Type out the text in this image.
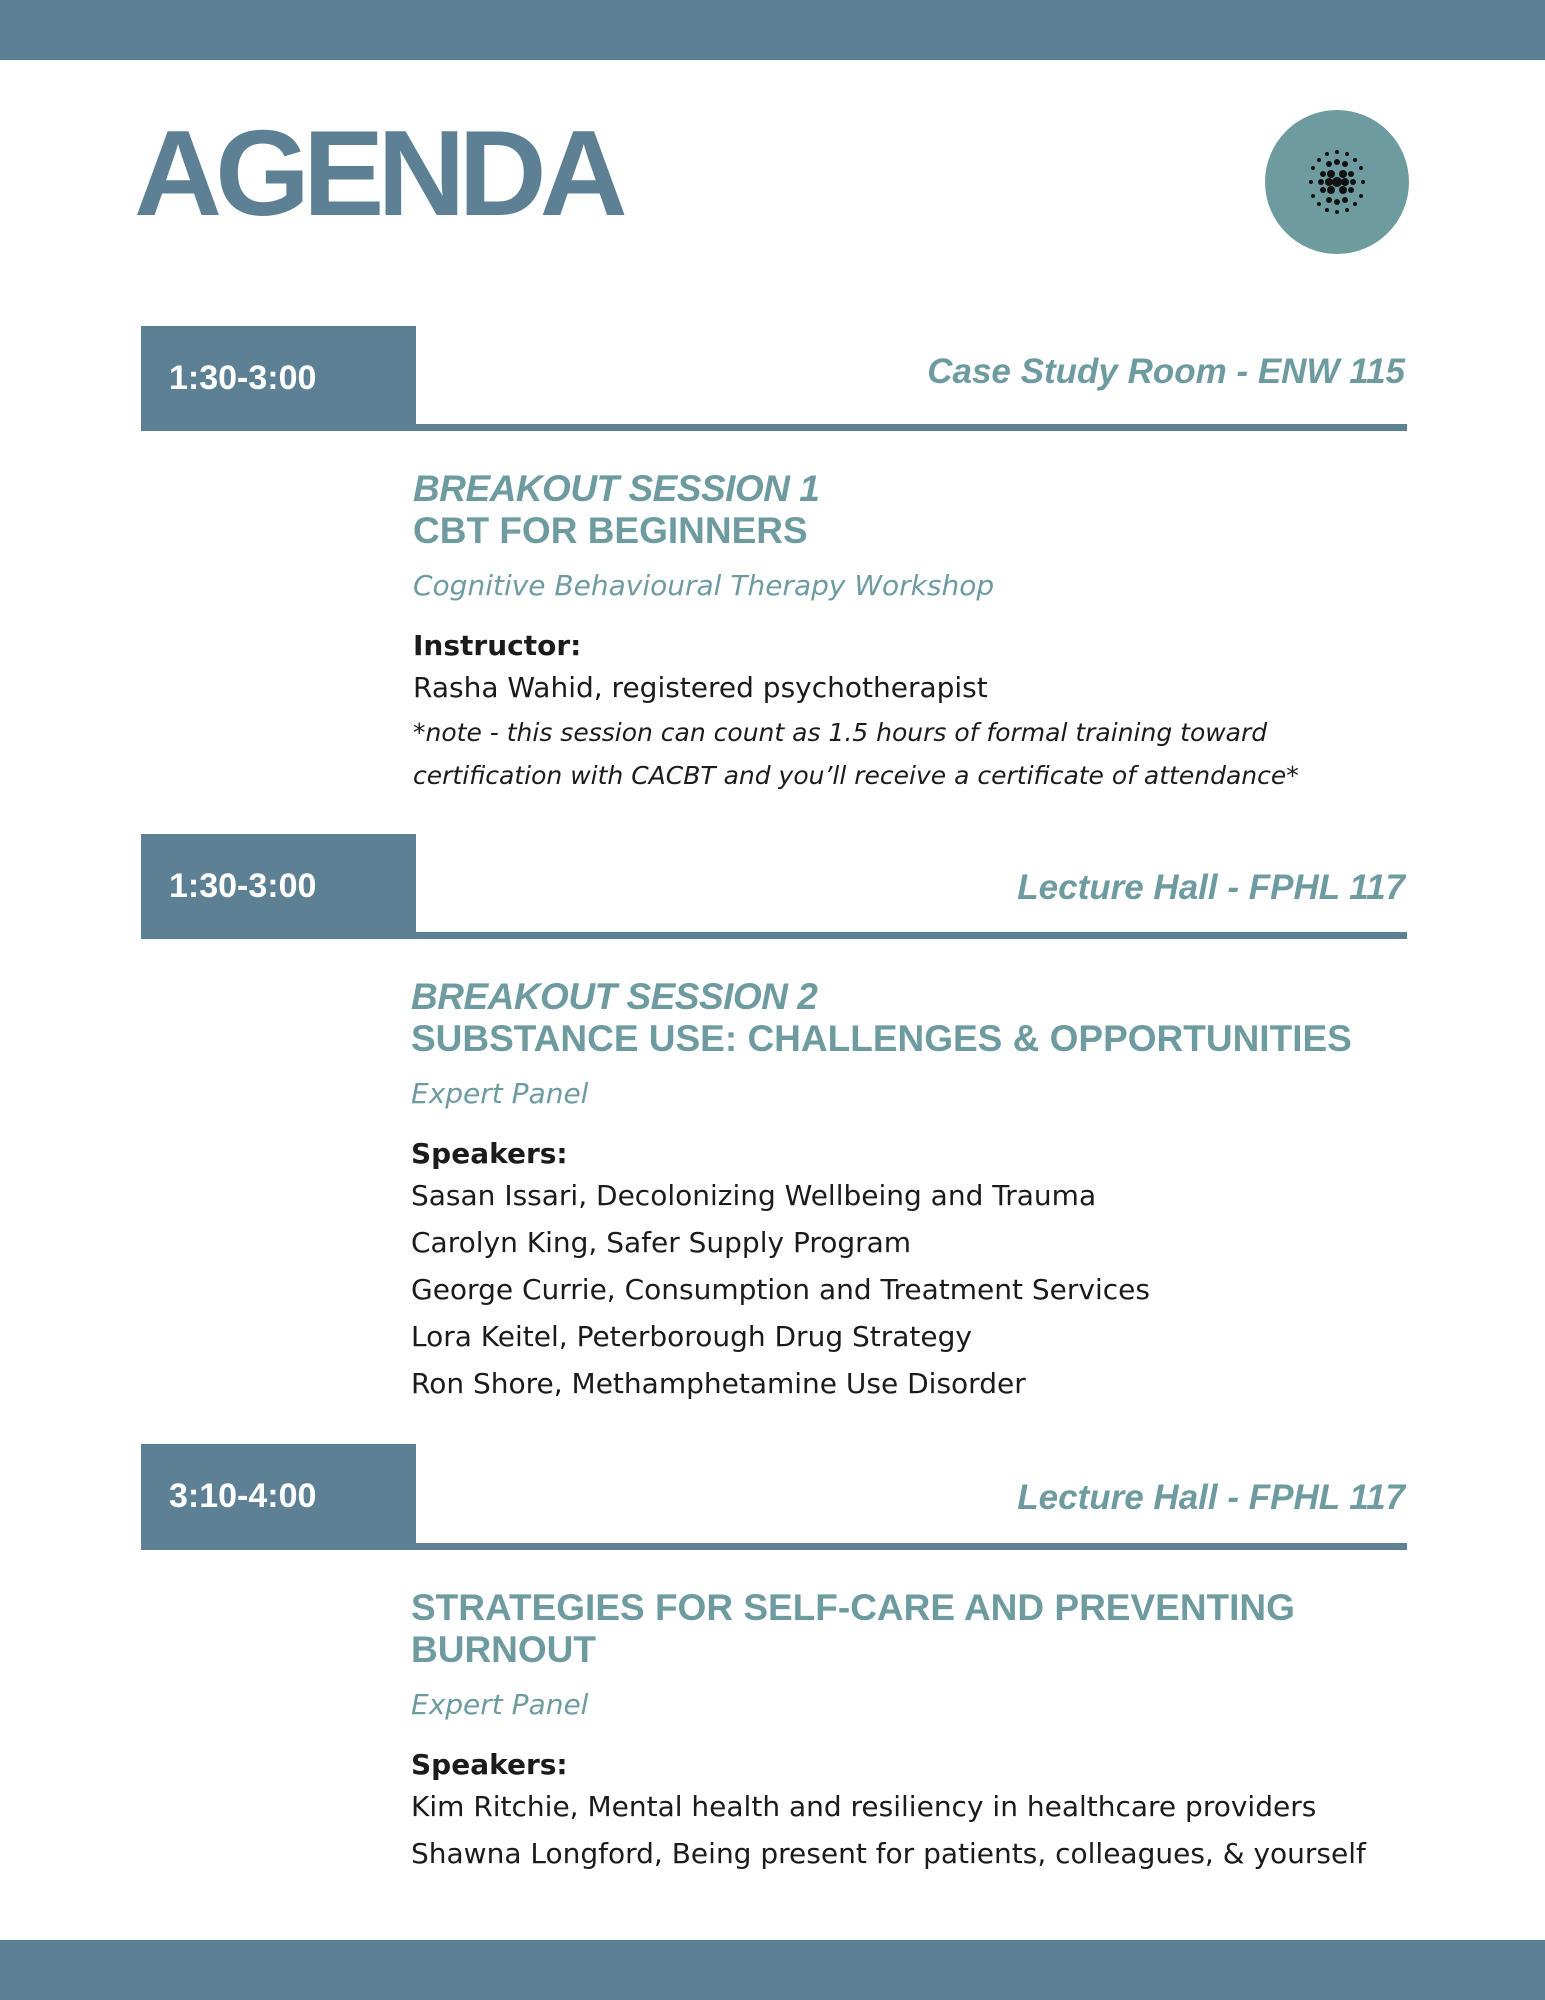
AGENDA
1:30-3:00	Case Study Room - ENW 115
BREAKOUT SESSION 1
CBT FOR BEGINNERS
Cognitive Behavioural Therapy Workshop
Instructor:
Rasha Wahid, registered psychotherapist
*note - this session can count as 1.5 hours of formal training toward certification with CACBT and you’ll receive a certificate of attendance*
1:30-3:00	Lecture Hall - FPHL 117
BREAKOUT SESSION 2
SUBSTANCE USE: CHALLENGES & OPPORTUNITIES
Expert Panel
Speakers:
Sasan Issari, Decolonizing Wellbeing and Trauma
Carolyn King, Safer Supply Program
George Currie, Consumption and Treatment Services
Lora Keitel, Peterborough Drug Strategy
Ron Shore, Methamphetamine Use Disorder
3:10-4:00	Lecture Hall - FPHL 117
STRATEGIES FOR SELF-CARE AND PREVENTING BURNOUT
Expert Panel
Speakers:
Kim Ritchie, Mental health and resiliency in healthcare providers
Shawna Longford, Being present for patients, colleagues, & yourself
